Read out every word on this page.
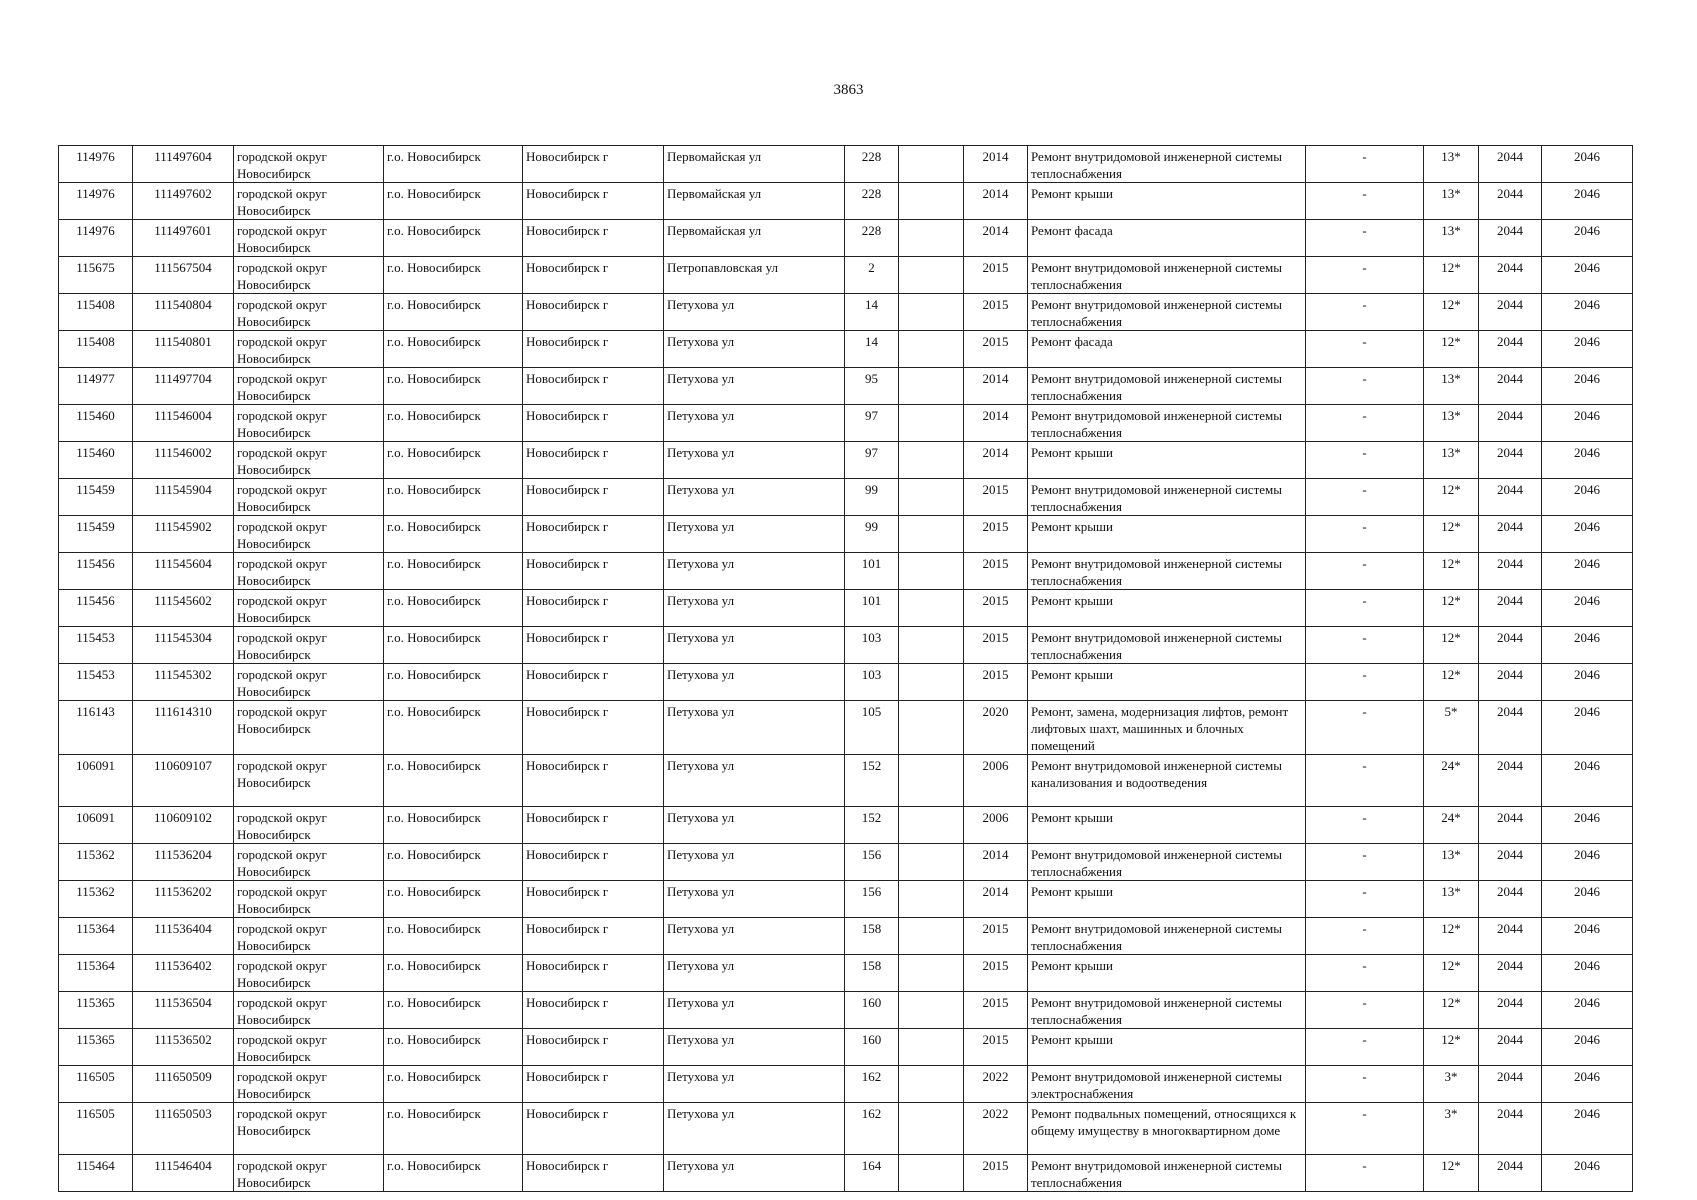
3863
114976	111497604	городской округ Новосибирск	г.о. Новосибирск	Новосибирск г	Первомайская ул	228		2014	Ремонт внутридомовой инженерной системы теплоснабжения	-	13*	2044	2046
114976	111497602	городской округ Новосибирск	г.о. Новосибирск	Новосибирск г	Первомайская ул	228		2014	Ремонт крыши	-	13*	2044	2046
114976	111497601	городской округ Новосибирск	г.о. Новосибирск	Новосибирск г	Первомайская ул	228		2014	Ремонт фасада	-	13*	2044	2046
115675	111567504	городской округ Новосибирск	г.о. Новосибирск	Новосибирск г	Петропавловская ул	2		2015	Ремонт внутридомовой инженерной системы теплоснабжения	-	12*	2044	2046
115408	111540804	городской округ Новосибирск	г.о. Новосибирск	Новосибирск г	Петухова ул	14		2015	Ремонт внутридомовой инженерной системы теплоснабжения	-	12*	2044	2046
115408	111540801	городской округ Новосибирск	г.о. Новосибирск	Новосибирск г	Петухова ул	14		2015	Ремонт фасада	-	12*	2044	2046
114977	111497704	городской округ Новосибирск	г.о. Новосибирск	Новосибирск г	Петухова ул	95		2014	Ремонт внутридомовой инженерной системы теплоснабжения	-	13*	2044	2046
115460	111546004	городской округ Новосибирск	г.о. Новосибирск	Новосибирск г	Петухова ул	97		2014	Ремонт внутридомовой инженерной системы теплоснабжения	-	13*	2044	2046
115460	111546002	городской округ Новосибирск	г.о. Новосибирск	Новосибирск г	Петухова ул	97		2014	Ремонт крыши	-	13*	2044	2046
115459	111545904	городской округ Новосибирск	г.о. Новосибирск	Новосибирск г	Петухова ул	99		2015	Ремонт внутридомовой инженерной системы теплоснабжения	-	12*	2044	2046
115459	111545902	городской округ Новосибирск	г.о. Новосибирск	Новосибирск г	Петухова ул	99		2015	Ремонт крыши	-	12*	2044	2046
115456	111545604	городской округ Новосибирск	г.о. Новосибирск	Новосибирск г	Петухова ул	101		2015	Ремонт внутридомовой инженерной системы теплоснабжения	-	12*	2044	2046
115456	111545602	городской округ Новосибирск	г.о. Новосибирск	Новосибирск г	Петухова ул	101		2015	Ремонт крыши	-	12*	2044	2046
115453	111545304	городской округ Новосибирск	г.о. Новосибирск	Новосибирск г	Петухова ул	103		2015	Ремонт внутридомовой инженерной системы теплоснабжения	-	12*	2044	2046
115453	111545302	городской округ Новосибирск	г.о. Новосибирск	Новосибирск г	Петухова ул	103		2015	Ремонт крыши	-	12*	2044	2046
116143	111614310	городской округ Новосибирск	г.о. Новосибирск	Новосибирск г	Петухова ул	105		2020	Ремонт, замена, модернизация лифтов, ремонт лифтовых шахт, машинных и блочных помещений	-	5*	2044	2046
106091	110609107	городской округ Новосибирск	г.о. Новосибирск	Новосибирск г	Петухова ул	152		2006	Ремонт внутридомовой инженерной системы канализования и водоотведения	-	24*	2044	2046
106091	110609102	городской округ Новосибирск	г.о. Новосибирск	Новосибирск г	Петухова ул	152		2006	Ремонт крыши	-	24*	2044	2046
115362	111536204	городской округ Новосибирск	г.о. Новосибирск	Новосибирск г	Петухова ул	156		2014	Ремонт внутридомовой инженерной системы теплоснабжения	-	13*	2044	2046
115362	111536202	городской округ Новосибирск	г.о. Новосибирск	Новосибирск г	Петухова ул	156		2014	Ремонт крыши	-	13*	2044	2046
115364	111536404	городской округ Новосибирск	г.о. Новосибирск	Новосибирск г	Петухова ул	158		2015	Ремонт внутридомовой инженерной системы теплоснабжения	-	12*	2044	2046
115364	111536402	городской округ Новосибирск	г.о. Новосибирск	Новосибирск г	Петухова ул	158		2015	Ремонт крыши	-	12*	2044	2046
115365	111536504	городской округ Новосибирск	г.о. Новосибирск	Новосибирск г	Петухова ул	160		2015	Ремонт внутридомовой инженерной системы теплоснабжения	-	12*	2044	2046
115365	111536502	городской округ Новосибирск	г.о. Новосибирск	Новосибирск г	Петухова ул	160		2015	Ремонт крыши	-	12*	2044	2046
116505	111650509	городской округ Новосибирск	г.о. Новосибирск	Новосибирск г	Петухова ул	162		2022	Ремонт внутридомовой инженерной системы электроснабжения	-	3*	2044	2046
116505	111650503	городской округ Новосибирск	г.о. Новосибирск	Новосибирск г	Петухова ул	162		2022	Ремонт подвальных помещений, относящихся к общему имуществу в многоквартирном доме	-	3*	2044	2046
115464	111546404	городской округ Новосибирск	г.о. Новосибирск	Новосибирск г	Петухова ул	164		2015	Ремонт внутридомовой инженерной системы теплоснабжения	-	12*	2044	2046
